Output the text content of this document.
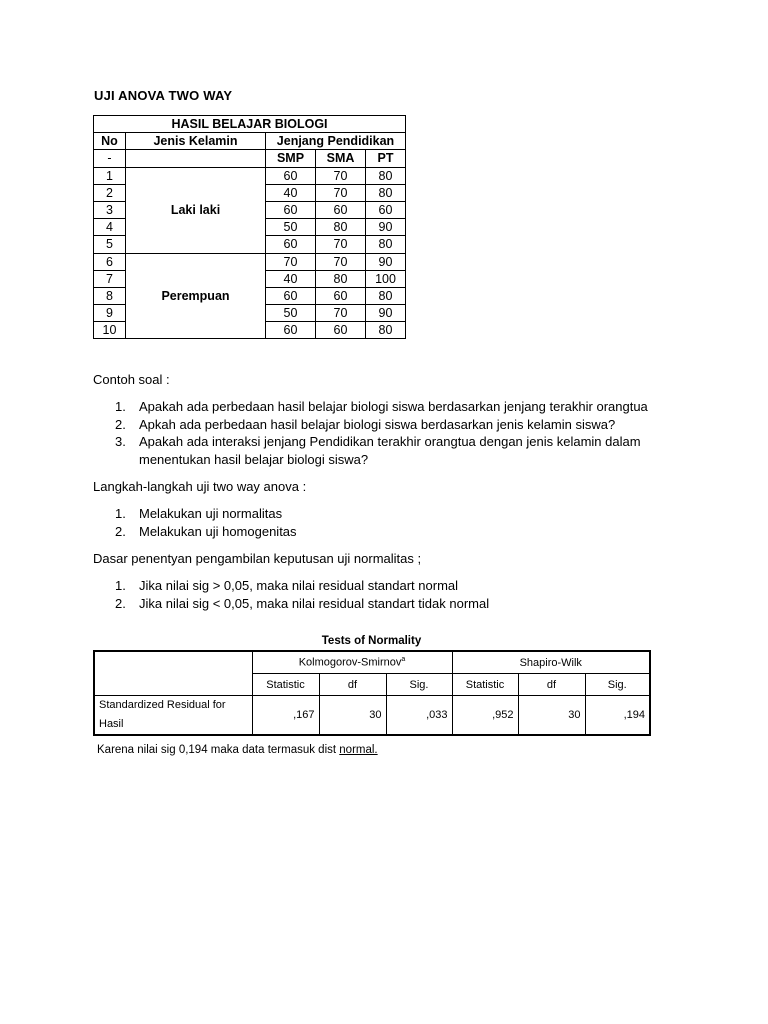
UJI ANOVA TWO WAY
HASIL BELAJAR BIOLOGI				
No	Jenis Kelamin	Jenjang Pendidikan		
-		SMP	SMA	PT
1	Laki laki	60	70	80
2		40	70	80
3		60	60	60
4		50	80	90
5		60	70	80
6	Perempuan	70	70	90
7		40	80	100
8		60	60	80
9		50	70	90
10		60	60	80
Contoh soal :
1. Apakah ada perbedaan hasil belajar biologi siswa berdasarkan jenjang terakhir orangtua
2. Apkah ada perbedaan hasil belajar biologi siswa berdasarkan jenis kelamin siswa?
3. Apakah ada interaksi jenjang Pendidikan terakhir orangtua dengan jenis kelamin dalam
menentukan hasil belajar biologi siswa?
Langkah-langkah uji two way anova :
1. Melakukan uji normalitas
2. Melakukan uji homogenitas
Dasar penentyan pengambilan keputusan uji normalitas ;
1. Jika nilai sig > 0,05, maka nilai residual standart normal
2. Jika nilai sig < 0,05, maka nilai residual standart tidak normal
Tests of Normality
	Kolmogorov-Smirnov$^a$			Shapiro-Wilk		
	Statistic	df	Sig.	Statistic	df	Sig.
Standardized Residual for
Hasil	,167	30	,033	,952	30	,194
Karena nilai sig 0,194 maka data termasuk dist normal.
